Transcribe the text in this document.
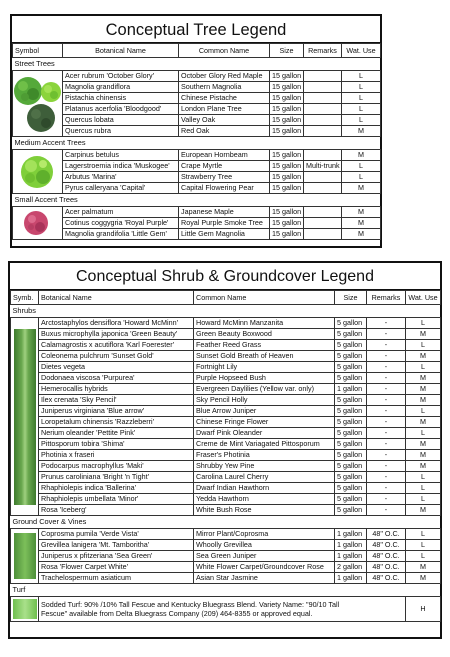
Conceptual Tree Legend
Symbol	Botanical Name	Common Name	Size	Remarks	Wat. Use
Street Trees					

	Acer rubrum 'October Glory'	October Glory Red Maple	15 gallon		L
	Magnolia grandiflora	Southern Magnolia	15 gallon		L
	Pistachia chinensis	Chinese Pistache	15 gallon		L
	Platanus acerfolia 'Bloodgood'	London Plane Tree	15 gallon		L
	Quercus lobata	Valley Oak	15 gallon		L
	Quercus rubra	Red Oak	15 gallon		M
Medium Accent Trees					

	Carpinus betulus	European Hornbeam	15 gallon		M
	Lagerstroemia indica 'Muskogee'	Crape Myrtle	15 gallon	Multi-trunk	L
	Arbutus 'Marina'	Strawberry Tree	15 gallon		L
	Pyrus calleryana 'Capital'	Capital Flowering Pear	15 gallon		M
Small Accent Trees					

	Acer palmatum	Japanese Maple	15 gallon		M
	Cotinus coggygria 'Royal Purple'	Royal Purple Smoke Tree	15 gallon		M
	Magnolia grandifolia 'Little Gem'	Little Gem Magnolia	15 gallon		M
Conceptual Shrub & Groundcover Legend
Symb.	Botanical Name	Common Name	Size	Remarks	Wat. Use
Shrubs					

	Arctostaphylos densiflora 'Howard McMinn'	Howard McMinn Manzanita	5 gallon	-	L
	Buxus microphylla japonica 'Green Beauty'	Green Beauty Boxwood	5 gallon	-	M
	Calamagrostis x acutiflora 'Karl Foerester'	Feather Reed Grass	5 gallon	-	L
	Coleonema pulchrum 'Sunset Gold'	Sunset Gold Breath of Heaven	5 gallon	-	M
	Dietes vegeta	Fortnight Lily	5 gallon	-	L
	Dodonaea viscosa 'Purpurea'	Purple Hopseed Bush	5 gallon	-	M
	Hemerocallis hybrids	Evergreen Daylilies (Yellow var. only)	1 gallon	-	M
	Ilex crenata 'Sky Pencil'	Sky Pencil Holly	5 gallon	-	M
	Juniperus virginiana 'Blue arrow'	Blue Arrow Juniper	5 gallon	-	L
	Loropetalum chinensis 'Razzleberri'	Chinese Fringe Flower	5 gallon	-	M
	Nerium oleander 'Pettite Pink'	Dwarf Pink Oleander	5 gallon	-	L
	Pittosporum tobira 'Shima'	Creme de Mint Variagated Pittosporum	5 gallon	-	M
	Photinia x fraseri	Fraser's Photinia	5 gallon	-	M
	Podocarpus macrophyllus 'Maki'	Shrubby Yew Pine	5 gallon	-	M
	Prunus caroliniana 'Bright 'n Tight'	Carolina Laurel Cherry	5 gallon	-	L
	Rhaphiolepis indica 'Ballerina'	Dwarf Indian Hawthorn	5 gallon	-	L
	Rhaphiolepis umbellata 'Minor'	Yedda Hawthorn	5 gallon	-	L
	Rosa 'Iceberg'	White Bush Rose	5 gallon	-	M
Ground Cover & Vines					

	Coprosma pumila 'Verde Vista'	Mirror Plant/Coprosma	1 gallon	48" O.C.	L
	Grevillea lanigera 'Mt. Tamboritha'	Whoolly Grevillea	1 gallon	48" O.C.	L
	Juniperus x pfitzeriana 'Sea Green'	Sea Green Juniper	1 gallon	48" O.C.	L
	Rosa 'Flower Carpet White'	White Flower Carpet/Groundcover Rose	2 gallon	48" O.C.	M
	Trachelospermum asiaticum	Asian Star Jasmine	1 gallon	48" O.C.	M
Turf					

	Sodded Turf: 90% /10% Tall Fescue and Kentucky Bluegrass Blend. Variety Name: "90/10 Tall
Fescue" available from Delta Bluegrass Company (209) 464-8355 or approved equal.				H
